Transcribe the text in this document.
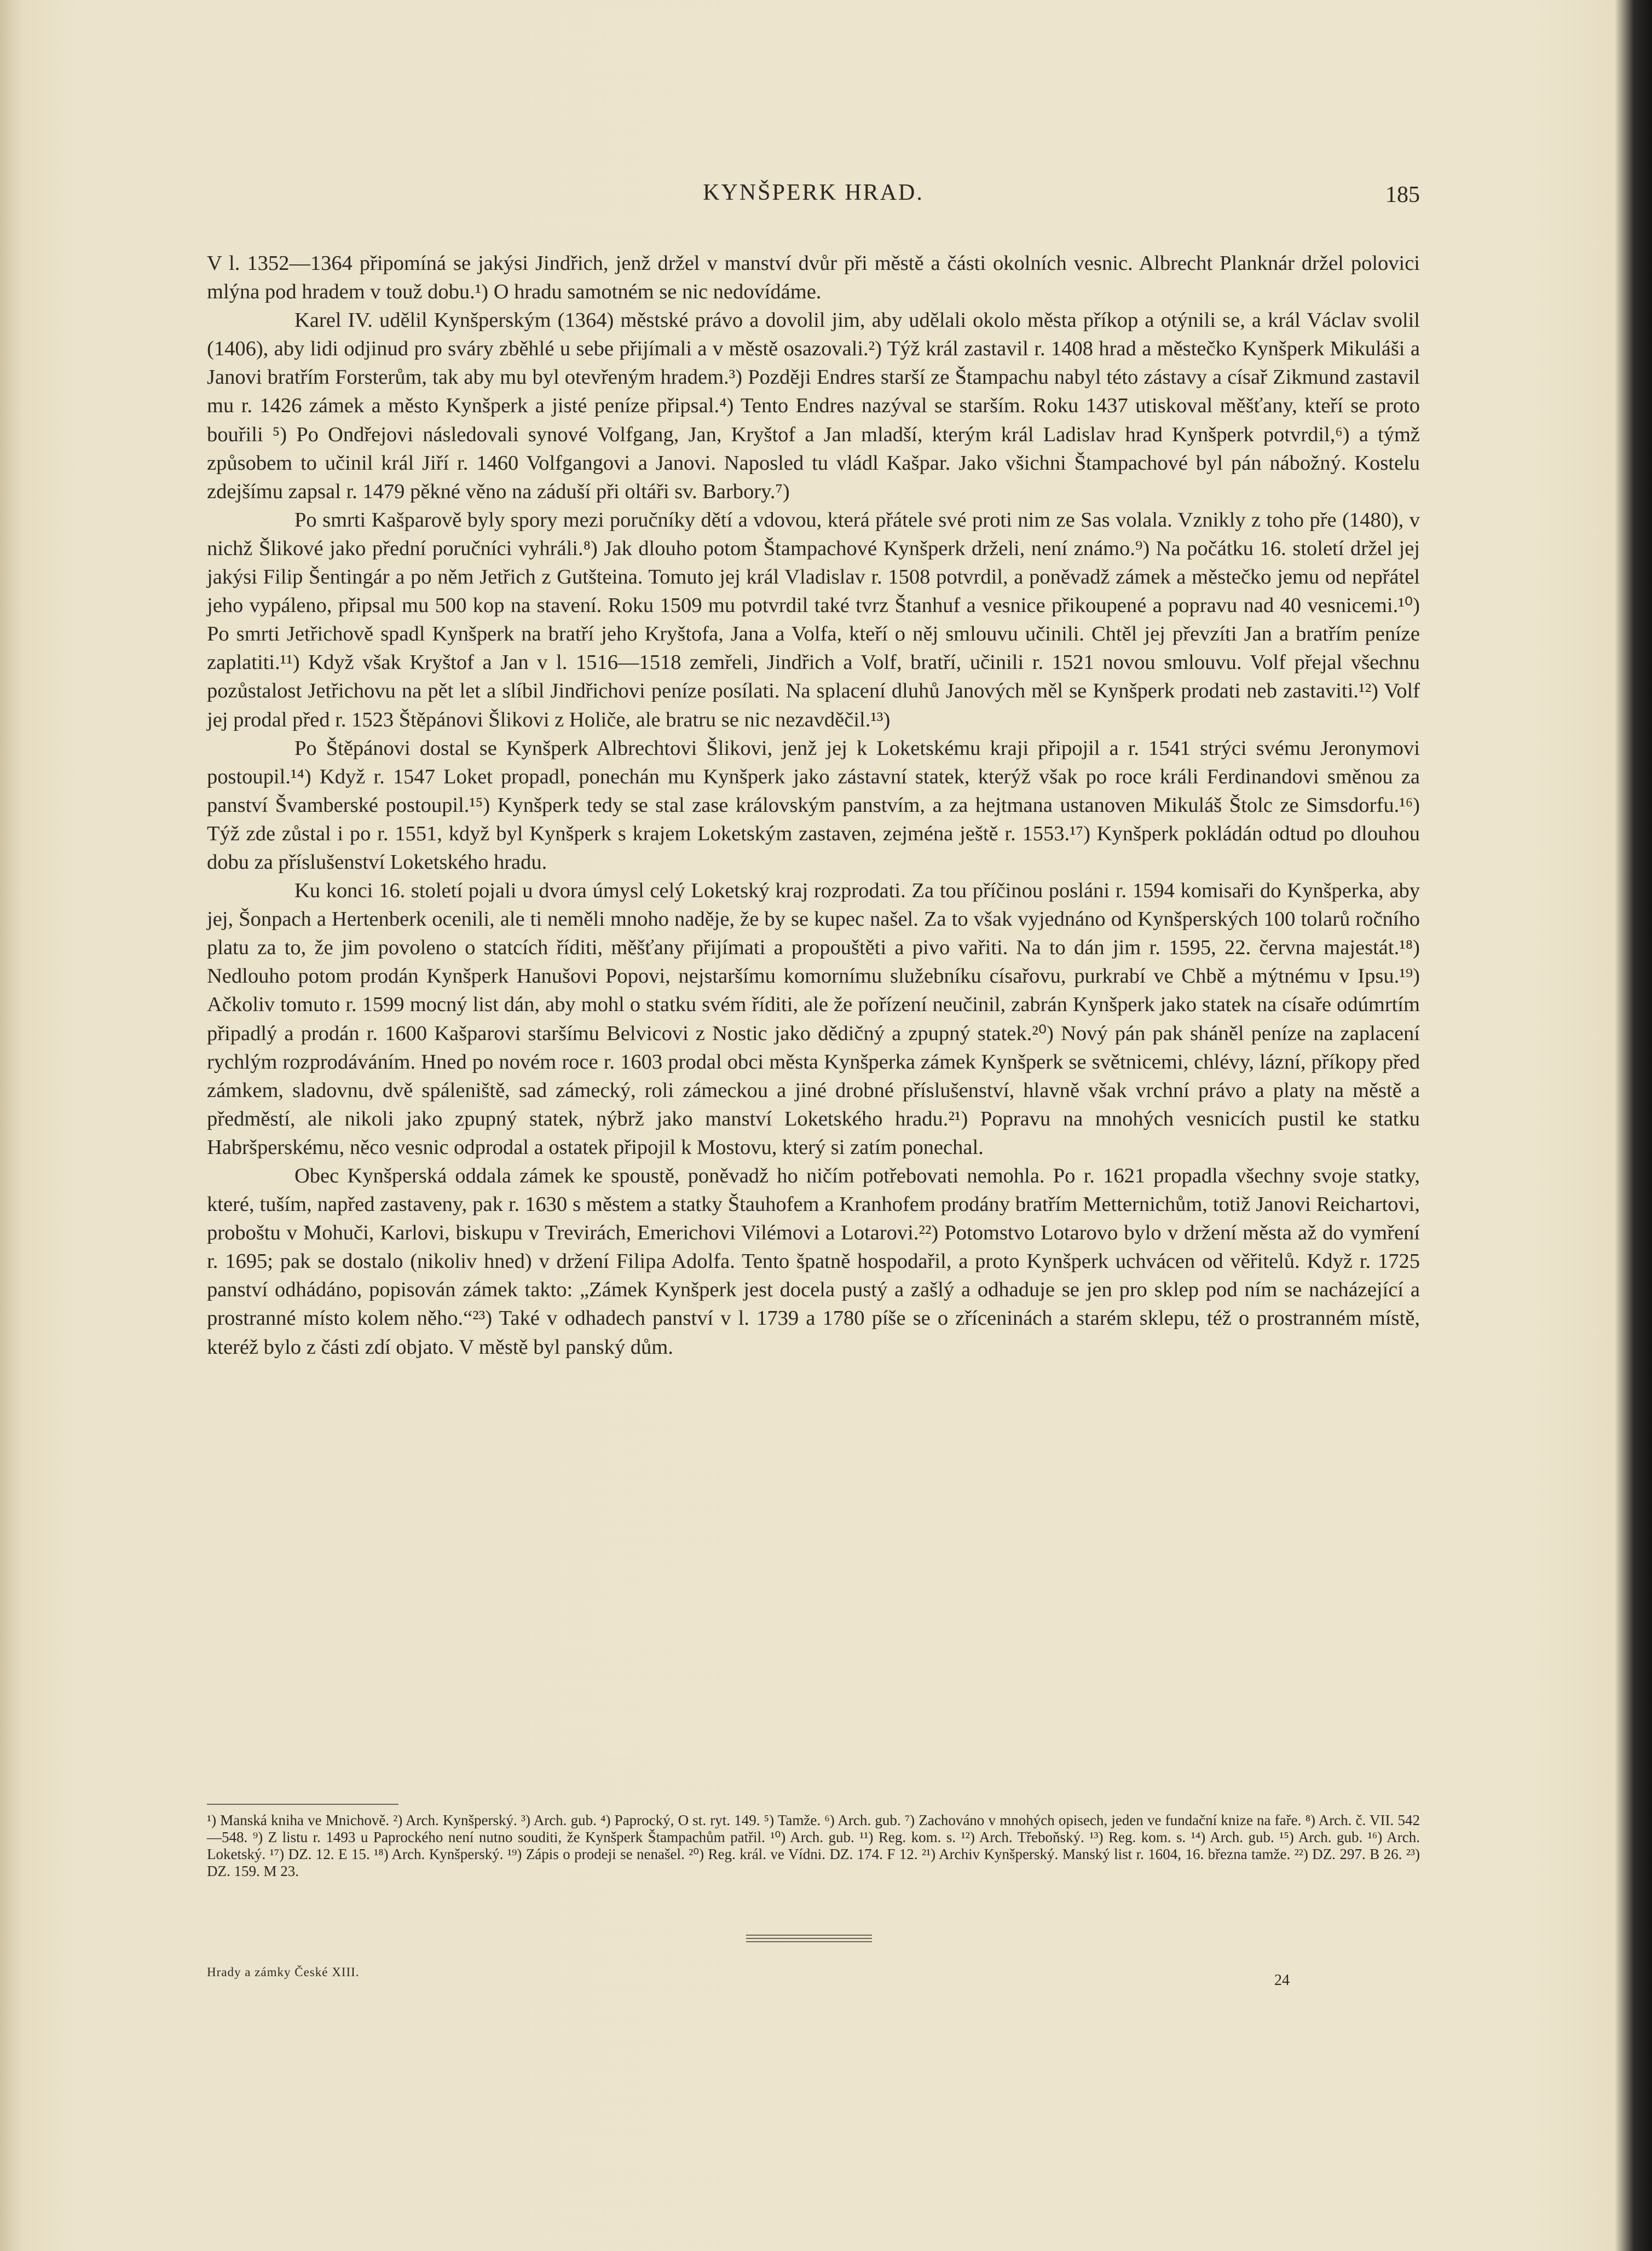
KYNŠPERK HRAD.	185

V l. 1352—1364 připomíná se jakýsi Jindřich, jenž držel v manství dvůr při městě a části okolních vesnic. Albrecht Planknár držel polovici mlýna pod hradem v touž dobu.¹) O hradu samotném se nic nedovídáme.

Karel IV. udělil Kynšperským (1364) městské právo a dovolil jim, aby udělali okolo města příkop a otýnili se, a král Václav svolil (1406), aby lidi odjinud pro sváry zběhlé u sebe přijímali a v městě osazovali.²) Týž král zastavil r. 1408 hrad a městečko Kynšperk Mikuláši a Janovi bratřím Forsterům, tak aby mu byl otevřeným hradem.³) Později Endres starší ze Štampachu nabyl této zástavy a císař Zikmund zastavil mu r. 1426 zámek a město Kynšperk a jisté peníze připsal.⁴) Tento Endres nazýval se starším. Roku 1437 utiskoval měšťany, kteří se proto bouřili ⁵) Po Ondřejovi následovali synové Volfgang, Jan, Kryštof a Jan mladší, kterým král Ladislav hrad Kynšperk potvrdil,⁶) a týmž způsobem to učinil král Jiří r. 1460 Volfgangovi a Janovi. Naposled tu vládl Kašpar. Jako všichni Štampachové byl pán nábožný. Kostelu zdejšímu zapsal r. 1479 pěkné věno na záduší při oltáři sv. Barbory.⁷)

Po smrti Kašparově byly spory mezi poručníky dětí a vdovou, která přátele své proti nim ze Sas volala. Vznikly z toho pře (1480), v nichž Šlikové jako přední poručníci vyhráli.⁸) Jak dlouho potom Štampachové Kynšperk drželi, není známo.⁹) Na počátku 16. století držel jej jakýsi Filip Šentingár a po něm Jetřich z Gutšteina. Tomuto jej král Vladislav r. 1508 potvrdil, a poněvadž zámek a městečko jemu od nepřátel jeho vypáleno, připsal mu 500 kop na stavení. Roku 1509 mu potvrdil také tvrz Štanhuf a vesnice přikoupené a popravu nad 40 vesnicemi.¹⁰) Po smrti Jetřichově spadl Kynšperk na bratří jeho Kryštofa, Jana a Volfa, kteří o něj smlouvu učinili. Chtěl jej převzíti Jan a bratřím peníze zaplatiti.¹¹) Když však Kryštof a Jan v l. 1516—1518 zemřeli, Jindřich a Volf, bratří, učinili r. 1521 novou smlouvu. Volf přejal všechnu pozůstalost Jetřichovu na pět let a slíbil Jindřichovi peníze posílati. Na splacení dluhů Janových měl se Kynšperk prodati neb zastaviti.¹²) Volf jej prodal před r. 1523 Štěpánovi Šlikovi z Holiče, ale bratru se nic nezavděčil.¹³)

Po Štěpánovi dostal se Kynšperk Albrechtovi Šlikovi, jenž jej k Loketskému kraji připojil a r. 1541 strýci svému Jeronymovi postoupil.¹⁴) Když r. 1547 Loket propadl, ponechán mu Kynšperk jako zástavní statek, kterýž však po roce králi Ferdinandovi směnou za panství Švamberské postoupil.¹⁵) Kynšperk tedy se stal zase královským panstvím, a za hejtmana ustanoven Mikuláš Štolc ze Simsdorfu.¹⁶) Týž zde zůstal i po r. 1551, když byl Kynšperk s krajem Loketským zastaven, zejména ještě r. 1553.¹⁷) Kynšperk pokládán odtud po dlouhou dobu za příslušenství Loketského hradu.

Ku konci 16. století pojali u dvora úmysl celý Loketský kraj rozprodati. Za tou příčinou posláni r. 1594 komisaři do Kynšperka, aby jej, Šonpach a Hertenberk ocenili, ale ti neměli mnoho naděje, že by se kupec našel. Za to však vyjednáno od Kynšperských 100 tolarů ročního platu za to, že jim povoleno o statcích říditi, měšťany přijímati a propouštěti a pivo vařiti. Na to dán jim r. 1595, 22. června majestát.¹⁸) Nedlouho potom prodán Kynšperk Hanušovi Popovi, nejstaršímu komornímu služebníku císařovu, purkrabí ve Chbě a mýtnému v Ipsu.¹⁹) Ačkoliv tomuto r. 1599 mocný list dán, aby mohl o statku svém říditi, ale že pořízení neučinil, zabrán Kynšperk jako statek na císaře odúmrtím připadlý a prodán r. 1600 Kašparovi staršímu Belvicovi z Nostic jako dědičný a zpupný statek.²⁰) Nový pán pak sháněl peníze na zaplacení rychlým rozprodáváním. Hned po novém roce r. 1603 prodal obci města Kynšperka zámek Kynšperk se světnicemi, chlévy, lázní, příkopy před zámkem, sladovnu, dvě spáleniště, sad zámecký, roli zámeckou a jiné drobné příslušenství, hlavně však vrchní právo a platy na městě a předměstí, ale nikoli jako zpupný statek, nýbrž jako manství Loketského hradu.²¹) Popravu na mnohých vesnicích pustil ke statku Habršperskému, něco vesnic odprodal a ostatek připojil k Mostovu, který si zatím ponechal.

Obec Kynšperská oddala zámek ke spoustě, poněvadž ho ničím potřebovati nemohla. Po r. 1621 propadla všechny svoje statky, které, tuším, napřed zastaveny, pak r. 1630 s městem a statky Štauhofem a Kranhofem prodány bratřím Metternichům, totiž Janovi Reichartovi, proboštu v Mohuči, Karlovi, biskupu v Trevirách, Emerichovi Vilémovi a Lotarovi.²²) Potomstvo Lotarovo bylo v držení města až do vymření r. 1695; pak se dostalo (nikoliv hned) v držení Filipa Adolfa. Tento špatně hospodařil, a proto Kynšperk uchvácen od věřitelů. Když r. 1725 panství odhádáno, popisován zámek takto: „Zámek Kynšperk jest docela pustý a zašlý a odhaduje se jen pro sklep pod ním se nacházející a prostranné místo kolem něho.“²³) Také v odhadech panství v l. 1739 a 1780 píše se o zříceninách a starém sklepu, též o prostranném místě, kteréž bylo z části zdí objato. V městě byl panský dům.

¹) Manská kniha ve Mnichově. ²) Arch. Kynšperský. ³) Arch. gub. ⁴) Paprocký, O st. ryt. 149. ⁵) Tamže. ⁶) Arch. gub. ⁷) Zachováno v mnohých opisech, jeden ve fundační knize na faře. ⁸) Arch. č. VII. 542—548. ⁹) Z listu r. 1493 u Paprockého není nutno souditi, že Kynšperk Štampachům patřil. ¹⁰) Arch. gub. ¹¹) Reg. kom. s. ¹²) Arch. Třeboňský. ¹³) Reg. kom. s. ¹⁴) Arch. gub. ¹⁵) Arch. gub. ¹⁶) Arch. Loketský. ¹⁷) DZ. 12. E 15. ¹⁸) Arch. Kynšperský. ¹⁹) Zápis o prodeji se nenašel. ²⁰) Reg. král. ve Vídni. DZ. 174. F 12. ²¹) Archiv Kynšperský. Manský list r. 1604, 16. března tamže. ²²) DZ. 297. B 26. ²³) DZ. 159. M 23.
Hrady a zámky České XIII.	24
